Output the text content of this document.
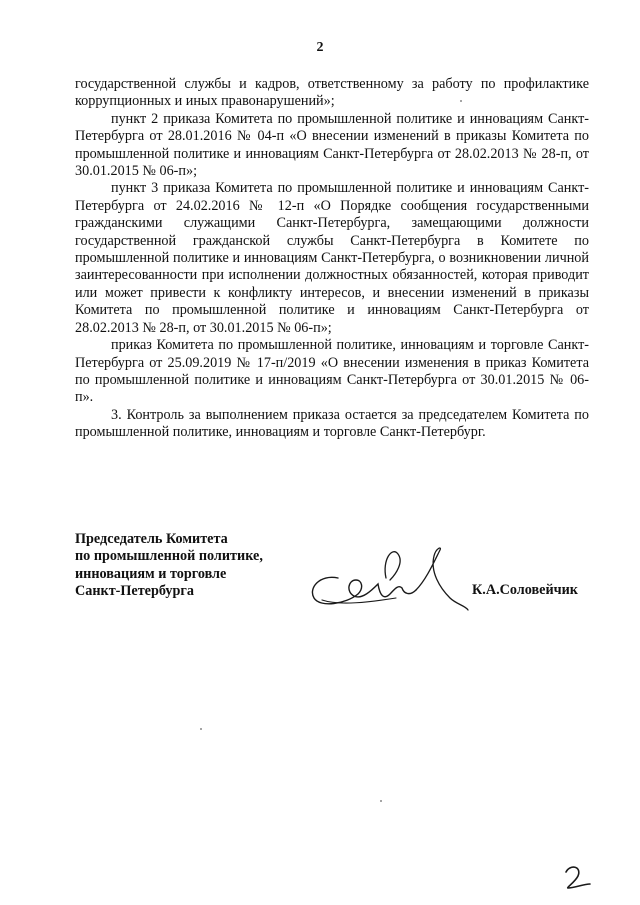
2

государственной службы и кадров, ответственному за работу по профилактике коррупционных и иных правонарушений»;

пункт 2 приказа Комитета по промышленной политике и инновациям Санкт-Петербурга от 28.01.2016 № 04-п «О внесении изменений в приказы Комитета по промышленной политике и инновациям Санкт-Петербурга от 28.02.2013 № 28-п, от 30.01.2015 № 06-п»;

пункт 3 приказа Комитета по промышленной политике и инновациям Санкт-Петербурга от 24.02.2016 № 12-п «О Порядке сообщения государственными гражданскими служащими Санкт-Петербурга, замещающими должности государственной гражданской службы Санкт-Петербурга в Комитете по промышленной политике и инновациям Санкт-Петербурга, о возникновении личной заинтересованности при исполнении должностных обязанностей, которая приводит или может привести к конфликту интересов, и внесении изменений в приказы Комитета по промышленной политике и инновациям Санкт-Петербурга от 28.02.2013 № 28-п, от 30.01.2015 № 06-п»;

приказ Комитета по промышленной политике, инновациям и торговле Санкт-Петербурга от 25.09.2019 № 17-п/2019 «О внесении изменения в приказ Комитета по промышленной политике и инновациям Санкт-Петербурга от 30.01.2015 № 06-п».

3. Контроль за выполнением приказа остается за председателем Комитета по промышленной политике, инновациям и торговле Санкт-Петербург.

Председатель Комитета
по промышленной политике,
инновациям и торговле
Санкт-Петербурга	К.А.Соловейчик
